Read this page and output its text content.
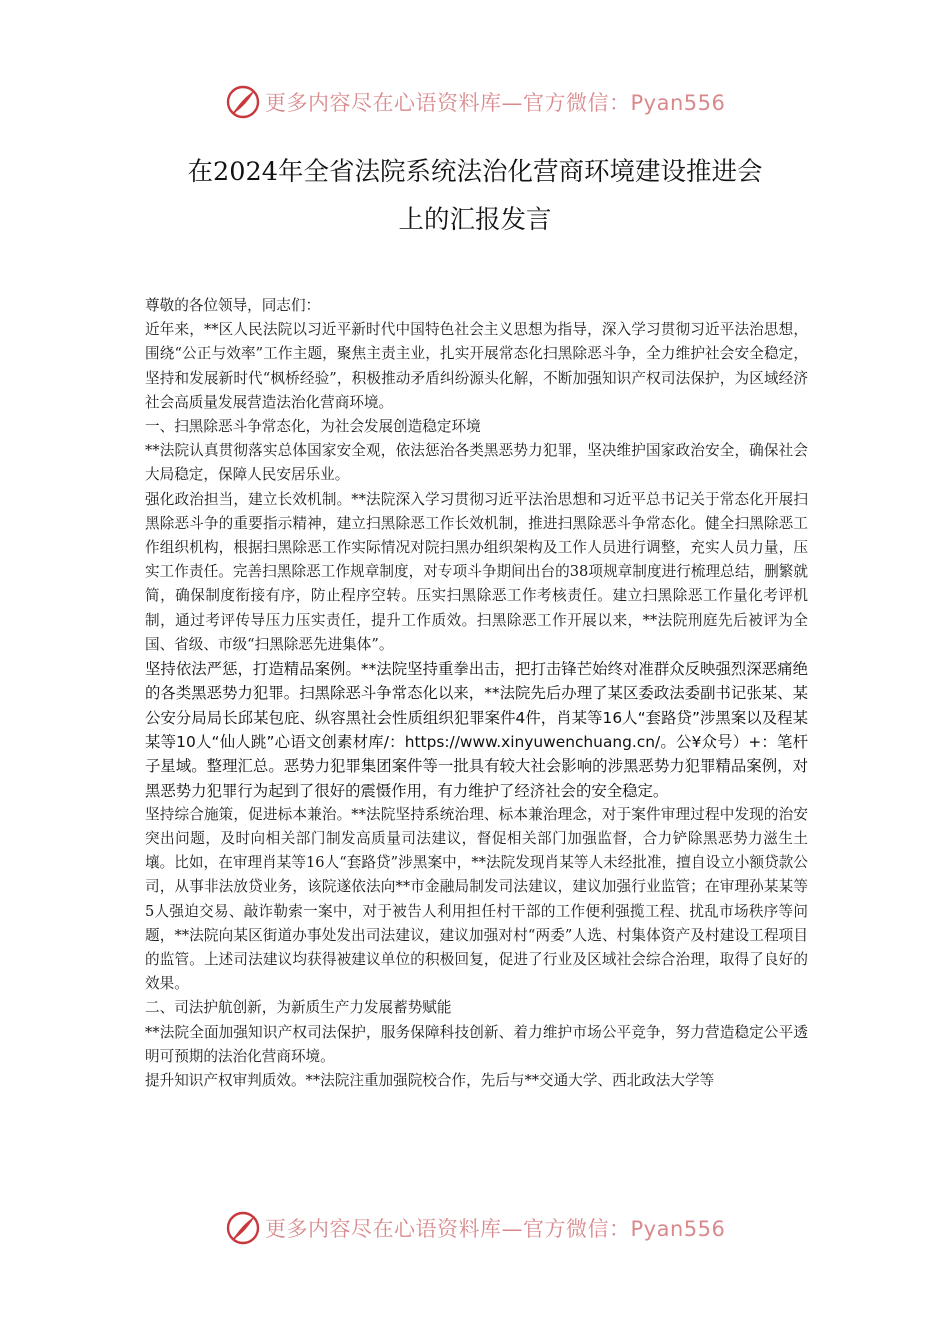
更多内容尽在心语资料库—官方微信：Pyan556
在2024年全省法院系统法治化营商环境建设推进会
上的汇报发言

尊敬的各位领导，同志们：

近年来，**区人民法院以习近平新时代中国特色社会主义思想为指导，深入学习贯彻习近平法治思想，围绕“公正与效率”工作主题，聚焦主责主业，扎实开展常态化扫黑除恶斗争，全力维护社会安全稳定，坚持和发展新时代“枫桥经验”，积极推动矛盾纠纷源头化解，不断加强知识产权司法保护，为区域经济社会高质量发展营造法治化营商环境。

一、扫黑除恶斗争常态化，为社会发展创造稳定环境

**法院认真贯彻落实总体国家安全观，依法惩治各类黑恶势力犯罪，坚决维护国家政治安全，确保社会大局稳定，保障人民安居乐业。

强化政治担当，建立长效机制。**法院深入学习贯彻习近平法治思想和习近平总书记关于常态化开展扫黑除恶斗争的重要指示精神，建立扫黑除恶工作长效机制，推进扫黑除恶斗争常态化。健全扫黑除恶工作组织机构，根据扫黑除恶工作实际情况对院扫黑办组织架构及工作人员进行调整，充实人员力量，压实工作责任。完善扫黑除恶工作规章制度，对专项斗争期间出台的38项规章制度进行梳理总结，删繁就简，确保制度衔接有序，防止程序空转。压实扫黑除恶工作考核责任。建立扫黑除恶工作量化考评机制，通过考评传导压力压实责任，提升工作质效。扫黑除恶工作开展以来，**法院刑庭先后被评为全国、省级、市级“扫黑除恶先进集体”。

坚持依法严惩，打造精品案例。**法院坚持重拳出击，把打击锋芒始终对准群众反映强烈深恶痛绝的各类黑恶势力犯罪。扫黑除恶斗争常态化以来，**法院先后办理了某区委政法委副书记张某、某公安分局局长邱某包庇、纵容黑社会性质组织犯罪案件4件，肖某等16人“套路贷”涉黑案以及程某某等10人“仙人跳”心语文创素材库/：https://www.xinyuwenchuang.cn/。公¥众号）+：笔杆子星域。整理汇总。恶势力犯罪集团案件等一批具有较大社会影响的涉黑恶势力犯罪精品案例，对黑恶势力犯罪行为起到了很好的震慑作用，有力维护了经济社会的安全稳定。

坚持综合施策，促进标本兼治。**法院坚持系统治理、标本兼治理念，对于案件审理过程中发现的治安突出问题，及时向相关部门制发高质量司法建议，督促相关部门加强监督，合力铲除黑恶势力滋生土壤。比如，在审理肖某等16人“套路贷”涉黑案中，**法院发现肖某等人未经批准，擅自设立小额贷款公司，从事非法放贷业务，该院遂依法向**市金融局制发司法建议，建议加强行业监管；在审理孙某某等5人强迫交易、敲诈勒索一案中，对于被告人利用担任村干部的工作便利强揽工程、扰乱市场秩序等问题，**法院向某区街道办事处发出司法建议，建议加强对村“两委”人选、村集体资产及村建设工程项目的监管。上述司法建议均获得被建议单位的积极回复，促进了行业及区域社会综合治理，取得了良好的效果。

二、司法护航创新，为新质生产力发展蓄势赋能

**法院全面加强知识产权司法保护，服务保障科技创新、着力维护市场公平竞争，努力营造稳定公平透明可预期的法治化营商环境。

提升知识产权审判质效。**法院注重加强院校合作，先后与**交通大学、西北政法大学等

更多内容尽在心语资料库—官方微信：Pyan556
